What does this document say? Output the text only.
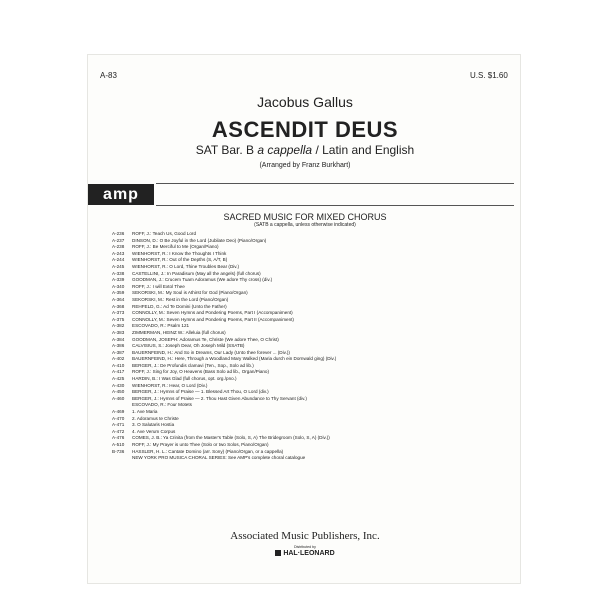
A-83	U.S. $1.60
Jacobus Gallus
ASCENDIT DEUS
SAT Bar. B a cappella / Latin and English
(Arranged by Franz Burkhart)
amp
SACRED MUSIC FOR MIXED CHORUS
(SATB a cappella, unless otherwise indicated)
A-236	ROFF, J.: Teach Us, Good Lord
A-237	DINSON, D.: O Be Joyful in the Lord (Jubilate Deo) (Piano/Organ)
A-238	ROFF, J.: Be Merciful to Me (Organ/Piano)
A-243	WIENHORST, R.: I Know the Thoughts I Think
A-244	WIENHORST, R.: Out of the Depths (S, A/T, B)
A-245	WIENHORST, R.: O Lord, Thine Troubles Bear (Div.)
A-338	CASTELLINI, J.: In Paradisum (May all the angels) (full chorus)
A-339	GOODMAN, J.: Crucem Tuam Adoramus (We adore Thy cross) (div.)
A-340	ROFF, J.: I will Extol Thee
A-359	SEKORSKI, M.: My Soul is Athirst for God (Piano/Organ)
A-364	SEKORSKI, M.: Rest in the Lord (Piano/Organ)
A-368	REHFELD, G.: Ad Te Domini (Unto the Father)
A-373	CONNOLLY, M.: Seven Hymns and Pondering Poems, Part I (Accompaniment)
A-375	CONNOLLY, M.: Seven Hymns and Pondering Poems, Part II (Accompaniment)
A-382	ESCOVADO, R.: Psalm 121
A-383	ZIMMERMAN, HEINZ W.: Alleluia (full chorus)
A-384	GOODMAN, JOSEPH: Adoramus Te, Christe (We adore Thee, O Christ)
A-386	CALVISIUS, S.: Joseph Dear, Oh Joseph Mild (SSATB)
A-387	BAUERNFEIND, H.: And So in Dreams, Our Lady (Unto thee forever ... (Div.))
A-402	BAUERNFEIND, H.: Here, Through a Woodland Mary Walked (Maria durch ein Dornwald ging) (Div.)
A-410	BERGER, J.: De Profundis clamavi (Ten., Sop., Solo ad lib.)
A-417	ROFF, J.: Sing for Joy, O Heavens (Bass Solo ad lib., Organ/Piano)
A-425	HARDIN, B.: I Was Glad (full chorus, opt. org./pno.)
A-430	WIENHORST, R.: Hear, O Lord (Div.)
A-450	BERGER, J.: Hymns of Praise — 1. Blessed Art Thou, O Lord (div.)
A-460	BERGER, J.: Hymns of Praise — 2. Thou Hast Given Abundance to Thy Servant (div.)
ESCOVADO, R.: Four Motets
A-469	1. Ave Maria
A-470	2. Adoramus te Christe
A-471	3. O Salutaris Hostia
A-472	4. Ave Verum Corpus
A-476	COMES, J. B.: Ya Crinita (from the Master's Table (Solo, S, A) The Bridegroom (Solo, S, A) (Div.))
A-510	ROFF, J.: My Prayer is unto Thee (Solo or two Solos, Piano/Organ)
B-736	HASSLER, H. L.: Cantate Domino (arr. Sony) (Piano/Organ, or a cappella)
NEW YORK PRO MUSICA CHORAL SERIES: See AMP's complete choral catalogue
Associated Music Publishers, Inc.
Distributed by
HAL·LEONARD
